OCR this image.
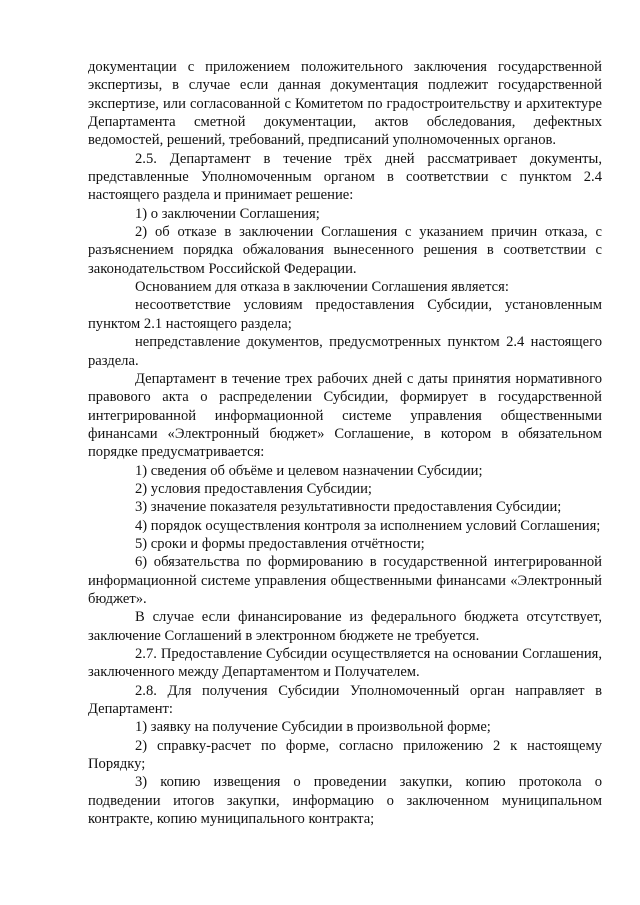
документации с приложением положительного заключения государственной экспертизы, в случае если данная документация подлежит государственной экспертизе, или согласованной с Комитетом по градостроительству и архитектуре Департамента сметной документации, актов обследования, дефектных ведомостей, решений, требований, предписаний уполномоченных органов.

2.5. Департамент в течение трёх дней рассматривает документы, представленные Уполномоченным органом в соответствии с пунктом 2.4 настоящего раздела и принимает решение:

1) о заключении Соглашения;

2) об отказе в заключении Соглашения с указанием причин отказа, с разъяснением порядка обжалования вынесенного решения в соответствии с законодательством Российской Федерации.

Основанием для отказа в заключении Соглашения является:

несоответствие условиям предоставления Субсидии, установленным пунктом 2.1 настоящего раздела;

непредставление документов, предусмотренных пунктом 2.4 настоящего раздела.

Департамент в течение трех рабочих дней с даты принятия нормативного правового акта о распределении Субсидии, формирует в государственной интегрированной информационной системе управления общественными финансами «Электронный бюджет» Соглашение, в котором в обязательном порядке предусматривается:

1) сведения об объёме и целевом назначении Субсидии;

2) условия предоставления Субсидии;

3) значение показателя результативности предоставления Субсидии;

4) порядок осуществления контроля за исполнением условий Соглашения;

5) сроки и формы предоставления отчётности;

6) обязательства по формированию в государственной интегрированной информационной системе управления общественными финансами «Электронный бюджет».

В случае если финансирование из федерального бюджета отсутствует, заключение Соглашений в электронном бюджете не требуется.

2.7. Предоставление Субсидии осуществляется на основании Соглашения, заключенного между Департаментом и Получателем.

2.8. Для получения Субсидии Уполномоченный орган направляет в Департамент:

1) заявку на получение Субсидии в произвольной форме;

2) справку-расчет по форме, согласно приложению 2 к настоящему Порядку;

3) копию извещения о проведении закупки, копию протокола о подведении итогов закупки, информацию о заключенном муниципальном контракте, копию муниципального контракта;
